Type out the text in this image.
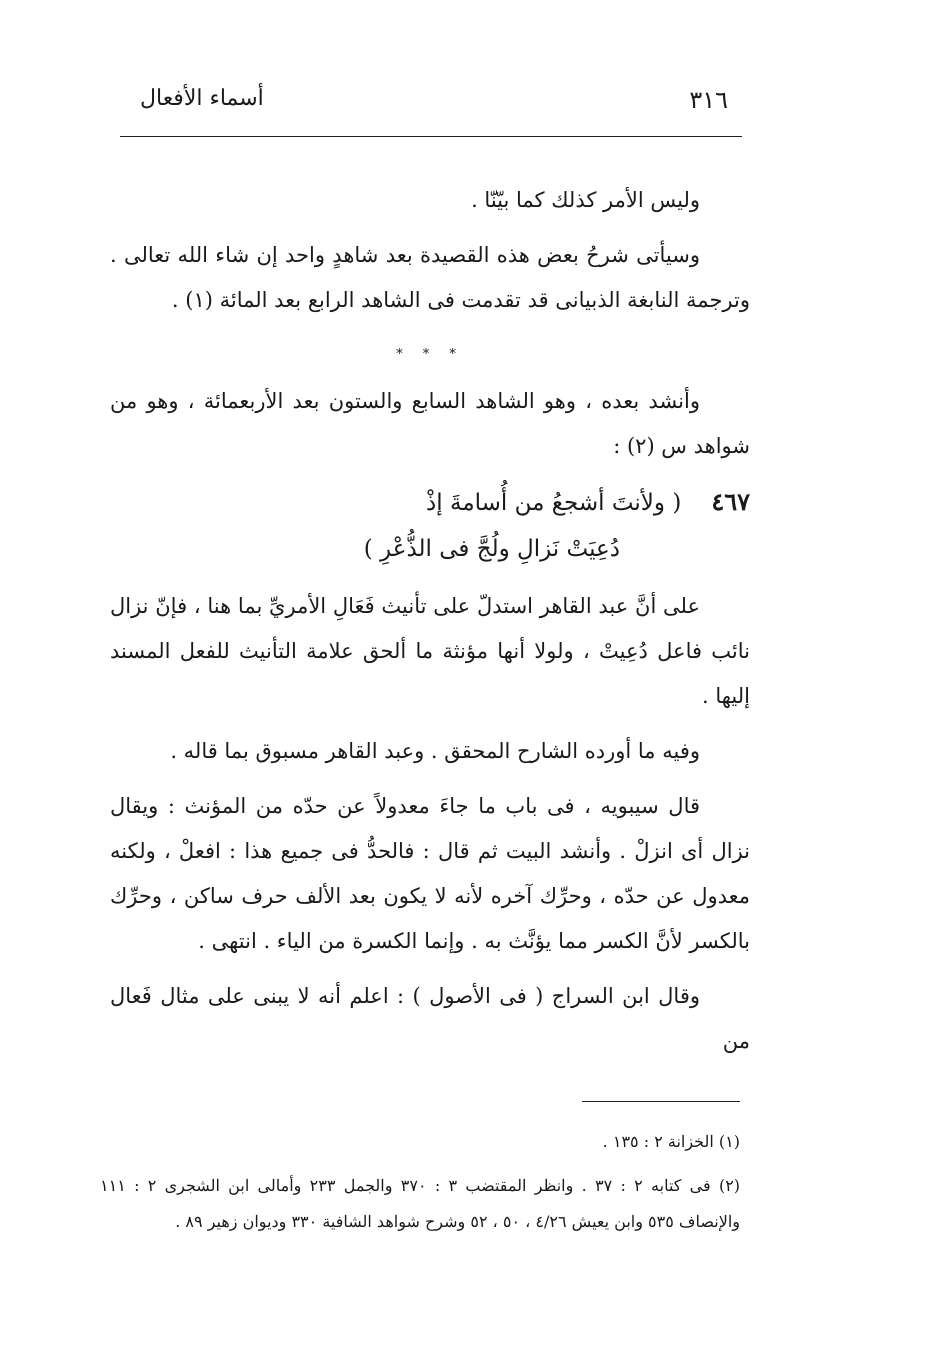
٣١٦
أسماء الأفعال

وليس الأمر كذلك كما بيّنّا .

وسيأتى شرحُ بعض هذه القصيدة بعد شاهدٍ واحد إن شاء الله تعالى . وترجمة النابغة الذبيانى قد تقدمت فى الشاهد الرابع بعد المائة (١) .

* * *

وأنشد بعده ، وهو الشاهد السابع والستون بعد الأربعمائة ، وهو من شواهد س (٢) :

٤٦٧
( ولأنتَ أشجعُ من أُسامةَ إذْ
دُعِيَتْ نَزالِ ولُجَّ فى الذُّعْرِ )

على أنَّ عبد القاهر استدلّ على تأنيث فَعَالِ الأمريِّ بما هنا ، فإنّ نزال نائب فاعل دُعِيتْ ، ولولا أنها مؤنثة ما ألحق علامة التأنيث للفعل المسند إليها .

وفيه ما أورده الشارح المحقق . وعبد القاهر مسبوق بما قاله .

قال سيبويه ، فى باب ما جاءَ معدولاً عن حدّه من المؤنث : ويقال نزال أى انزلْ . وأنشد البيت ثم قال : فالحدُّ فى جميع هذا : افعلْ ، ولكنه معدول عن حدّه ، وحرِّك آخره لأنه لا يكون بعد الألف حرف ساكن ، وحرِّك بالكسر لأنَّ الكسر مما يؤنَّث به . وإنما الكسرة من الياء . انتهى .

وقال ابن السراج ( فى الأصول ) : اعلم أنه لا يبنى على مثال فَعال من

(١) الخزانة ٢ : ١٣٥ .

(٢) فى كتابه ٢ : ٣٧ . وانظر المقتضب ٣ : ٣٧٠ والجمل ٢٣٣ وأمالى ابن الشجرى ٢ : ١١١ والإنصاف ٥٣٥ وابن يعيش ٤/٢٦ ، ٥٠ ، ٥٢ وشرح شواهد الشافية ٣٣٠ وديوان زهير ٨٩ .
